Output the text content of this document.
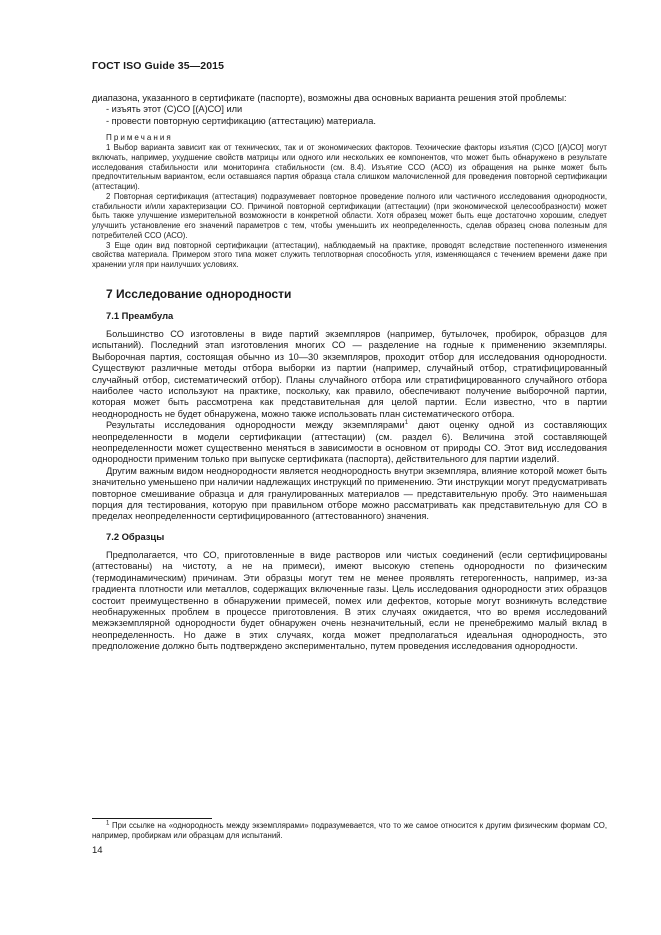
ГОСТ ISO Guide 35—2015

диапазона, указанного в сертификате (паспорте), возможны два основных варианта решения этой проблемы:

- изъять этот (С)СО [(А)СО] или

- провести повторную сертификацию (аттестацию) материала.

Примечания

1 Выбор варианта зависит как от технических, так и от экономических факторов. Технические факторы изъятия (С)СО [(А)СО] могут включать, например, ухудшение свойств матрицы или одного или нескольких ее компонентов, что может быть обнаружено в результате исследования стабильности или мониторинга стабильности (см. 8.4). Изъятие ССО (АСО) из обращения на рынке может быть предпочтительным вариантом, если оставшаяся партия образца стала слишком малочисленной для проведения повторной сертификации (аттестации).

2 Повторная сертификация (аттестация) подразумевает повторное проведение полного или частичного исследования однородности, стабильности и/или характеризации СО. Причиной повторной сертификации (аттестации) (при экономической целесообразности) может быть также улучшение измерительной возможности в конкретной области. Хотя образец может быть еще достаточно хорошим, следует улучшить установление его значений параметров с тем, чтобы уменьшить их неопределенность, сделав образец снова полезным для потребителей ССО (АСО).

3 Еще один вид повторной сертификации (аттестации), наблюдаемый на практике, проводят вследствие постепенного изменения свойства материала. Примером этого типа может служить теплотворная способность угля, изменяющаяся с течением времени даже при хранении угля при наилучших условиях.

7 Исследование однородности

7.1 Преамбула

Большинство СО изготовлены в виде партий экземпляров (например, бутылочек, пробирок, образцов для испытаний). Последний этап изготовления многих СО — разделение на годные к применению экземпляры. Выборочная партия, состоящая обычно из 10—30 экземпляров, проходит отбор для исследования однородности. Существуют различные методы отбора выборки из партии (например, случайный отбор, стратифицированный случайный отбор, систематический отбор). Планы случайного отбора или стратифицированного случайного отбора наиболее часто используют на практике, поскольку, как правило, обеспечивают получение выборочной партии, которая может быть рассмотрена как представительная для целой партии. Если известно, что в партии неоднородность не будет обнаружена, можно также использовать план систематического отбора.

Результаты исследования однородности между экземплярами$^1$ дают оценку одной из составляющих неопределенности в модели сертификации (аттестации) (см. раздел 6). Величина этой составляющей неопределенности может существенно меняться в зависимости в основном от природы СО. Этот вид исследования однородности применим только при выпуске сертификата (паспорта), действительного для партии изделий.

Другим важным видом неоднородности является неоднородность внутри экземпляра, влияние которой может быть значительно уменьшено при наличии надлежащих инструкций по применению. Эти инструкции могут предусматривать повторное смешивание образца и для гранулированных материалов — представительную пробу. Это наименьшая порция для тестирования, которую при правильном отборе можно рассматривать как представительную для СО в пределах неопределенности сертифицированного (аттестованного) значения.

7.2 Образцы

Предполагается, что СО, приготовленные в виде растворов или чистых соединений (если сертифицированы (аттестованы) на чистоту, а не на примеси), имеют высокую степень однородности по физическим (термодинамическим) причинам. Эти образцы могут тем не менее проявлять гетерогенность, например, из-за градиента плотности или металлов, содержащих включенные газы. Цель исследования однородности этих образцов состоит преимущественно в обнаружении примесей, помех или дефектов, которые могут возникнуть вследствие необнаруженных проблем в процессе приготовления. В этих случаях ожидается, что во время исследований межэкземплярной однородности будет обнаружен очень незначительный, если не пренебрежимо малый вклад в неопределенность. Но даже в этих случаях, когда может предполагаться идеальная однородность, это предположение должно быть подтверждено экспериментально, путем проведения исследования однородности.

$^1$ При ссылке на «однородность между экземплярами» подразумевается, что то же самое относится к другим физическим формам СО, например, пробиркам или образцам для испытаний.

14
